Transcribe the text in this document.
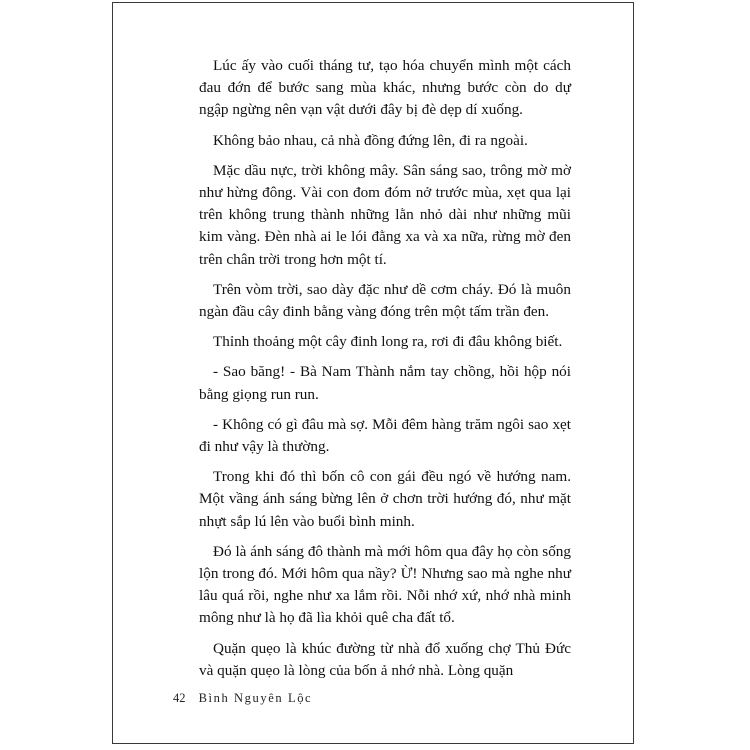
Lúc ấy vào cuối tháng tư, tạo hóa chuyển mình một cách đau đớn để bước sang mùa khác, nhưng bước còn do dự ngập ngừng nên vạn vật dưới đây bị đè dẹp dí xuống.

Không bảo nhau, cả nhà đồng đứng lên, đi ra ngoài.

Mặc dầu nực, trời không mây. Sân sáng sao, trông mờ mờ như hừng đông. Vài con đom đóm nở trước mùa, xẹt qua lại trên không trung thành những lằn nhỏ dài như những mũi kim vàng. Đèn nhà ai le lói đằng xa và xa nữa, rừng mờ đen trên chân trời trong hơn một tí.

Trên vòm trời, sao dày đặc như dề cơm cháy. Đó là muôn ngàn đầu cây đinh bằng vàng đóng trên một tấm trần đen.

Thỉnh thoảng một cây đinh long ra, rơi đi đâu không biết.

- Sao băng! - Bà Nam Thành nắm tay chồng, hồi hộp nói bằng giọng run run.

- Không có gì đâu mà sợ. Mỗi đêm hàng trăm ngôi sao xẹt đi như vậy là thường.

Trong khi đó thì bốn cô con gái đều ngó về hướng nam. Một vầng ánh sáng bừng lên ở chơn trời hướng đó, như mặt nhựt sắp lú lên vào buổi bình minh.

Đó là ánh sáng đô thành mà mới hôm qua đây họ còn sống lộn trong đó. Mới hôm qua nầy? Ừ! Nhưng sao mà nghe như lâu quá rồi, nghe như xa lắm rồi. Nỗi nhớ xứ, nhớ nhà minh mông như là họ đã lìa khỏi quê cha đất tổ.

Quặn quẹo là khúc đường từ nhà đổ xuống chợ Thủ Đức và quặn quẹo là lòng của bốn ả nhớ nhà. Lòng quặn

42 Bình Nguyên Lộc
